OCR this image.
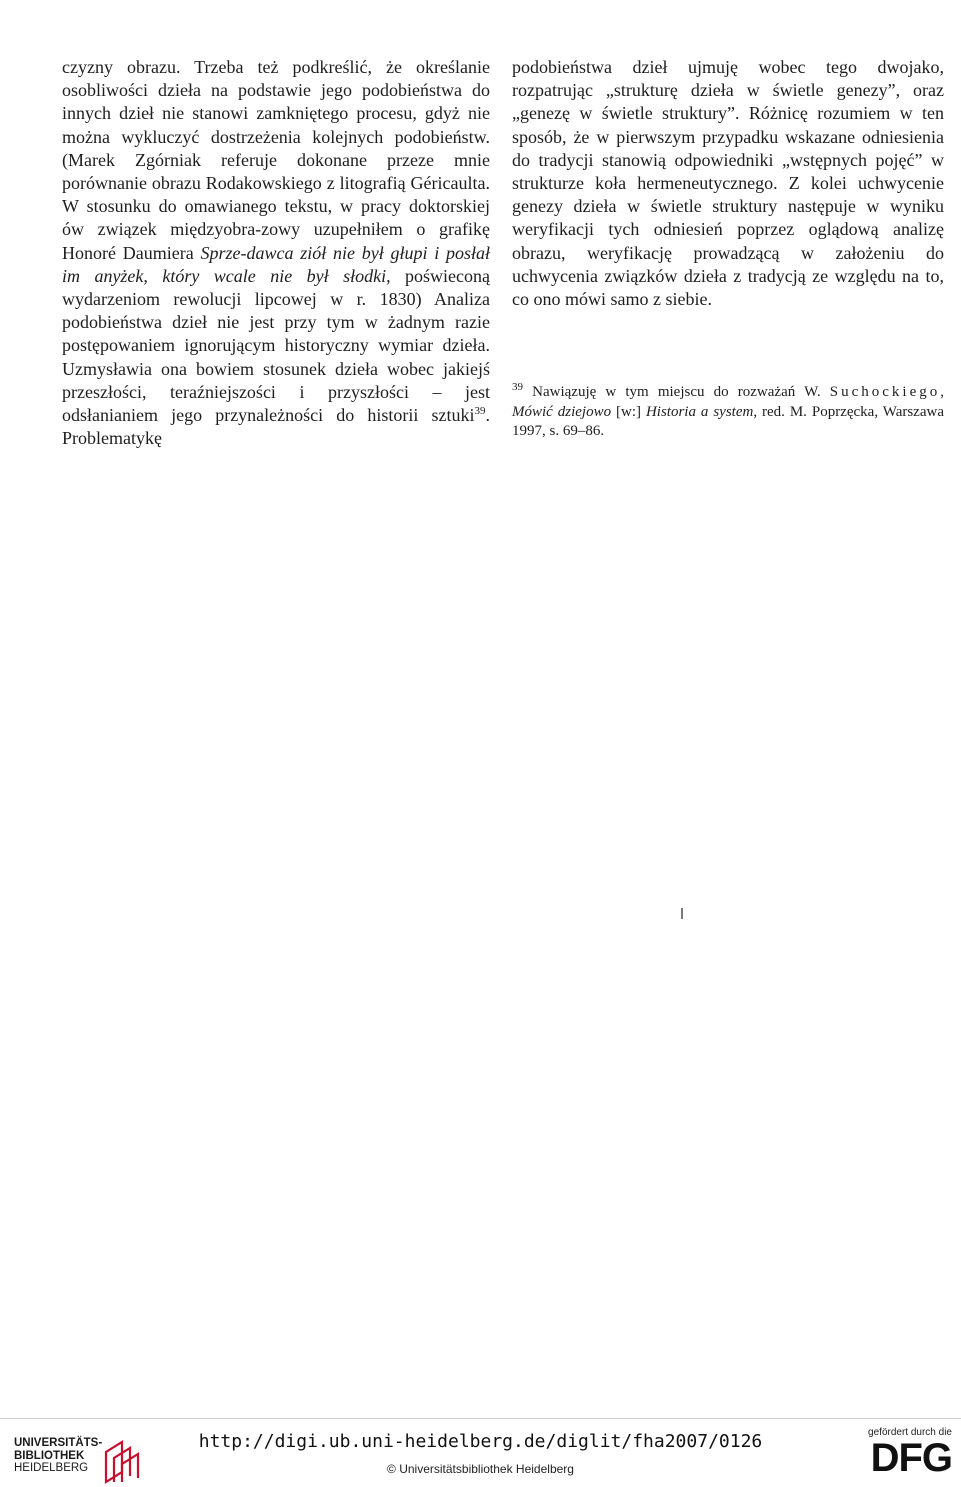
czyzny obrazu. Trzeba też podkreślić, że określanie osobliwości dzieła na podstawie jego podobieństwa do innych dzieł nie stanowi zamkniętego procesu, gdyż nie można wykluczyć dostrzeżenia kolejnych podobieństw. (Marek Zgórniak referuje dokonane przeze mnie porównanie obrazu Rodakowskiego z litografią Géricaulta. W stosunku do omawianego tekstu, w pracy doktorskiej ów związek międzyobra-zowy uzupełniłem o grafikę Honoré Daumiera Sprze-dawca ziół nie był głupi i posłał im anyżek, który wcale nie był słodki, poświeconą wydarzeniom rewolucji lipcowej w r. 1830) Analiza podobieństwa dzieł nie jest przy tym w żadnym razie postępowaniem ignorującym historyczny wymiar dzieła. Uzmysławia ona bowiem stosunek dzieła wobec jakiejś przeszłości, teraźniejszości i przyszłości – jest odsłanianiem jego przynależności do historii sztuki$^{39}$. Problematykę

podobieństwa dzieł ujmuję wobec tego dwojako, rozpatrując „strukturę dzieła w świetle genezy”, oraz „genezę w świetle struktury”. Różnicę rozumiem w ten sposób, że w pierwszym przypadku wskazane odniesienia do tradycji stanowią odpowiedniki „wstępnych pojęć” w strukturze koła hermeneutycznego. Z kolei uchwycenie genezy dzieła w świetle struktury następuje w wyniku weryfikacji tych odniesień poprzez oglądową analizę obrazu, weryfikację prowadzącą w założeniu do uchwycenia związków dzieła z tradycją ze względu na to, co ono mówi samo z siebie.

$^{39}$ Nawiązuję w tym miejscu do rozważań W. Suchockiego, Mówić dziejowo [w:] Historia a system, red. M. Poprzęcka, Warszawa 1997, s. 69–86.

UNIVERSITÄTS-
BIBLIOTHEK
HEIDELBERG
http://digi.ub.uni-heidelberg.de/diglit/fha2007/0126
© Universitätsbibliothek Heidelberg
gefördert durch die
DFG
